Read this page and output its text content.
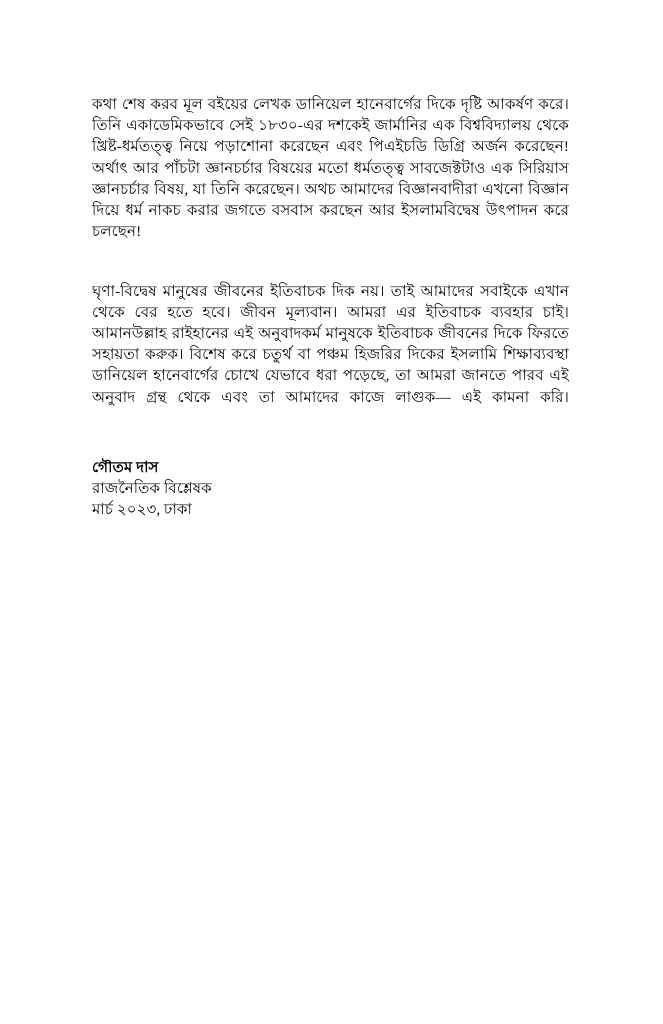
কথা শেষ করব মূল বইয়ের লেখক ডানিয়েল হানেবার্গের দিকে দৃষ্টি আকর্ষণ করে। তিনি একাডেমিকভাবে সেই ১৮৩০-এর দশকেই জার্মানির এক বিশ্ববিদ্যালয় থেকে খ্রিষ্ট-ধর্মতত্ত্ব নিয়ে পড়াশোনা করেছেন এবং পিএইচডি ডিগ্রি অর্জন করেছেন! অর্থাৎ আর পাঁচটা জ্ঞানচর্চার বিষয়ের মতো ধর্মতত্ত্ব সাবজেক্টটাও এক সিরিয়াস জ্ঞানচর্চার বিষয়, যা তিনি করেছেন। অথচ আমাদের বিজ্ঞানবাদীরা এখনো বিজ্ঞান দিয়ে ধর্ম নাকচ করার জগতে বসবাস করছেন আর ইসলামবিদ্বেষ উৎপাদন করে চলছেন!

ঘৃণা-বিদ্বেষ মানুষের জীবনের ইতিবাচক দিক নয়। তাই আমাদের সবাইকে এখান থেকে বের হতে হবে। জীবন মূল্যবান। আমরা এর ইতিবাচক ব্যবহার চাই। আমানউল্লাহ রাইহানের এই অনুবাদকর্ম মানুষকে ইতিবাচক জীবনের দিকে ফিরতে সহায়তা করুক। বিশেষ করে চতুর্থ বা পঞ্চম হিজরির দিকের ইসলামি শিক্ষাব্যবস্থা ডানিয়েল হানেবার্গের চোখে যেভাবে ধরা পড়েছে, তা আমরা জানতে পারব এই অনুবাদ গ্রন্থ থেকে এবং তা আমাদের কাজে লাগুক— এই কামনা করি।

গৌতম দাস
রাজনৈতিক বিশ্লেষক
মার্চ ২০২৩, ঢাকা
